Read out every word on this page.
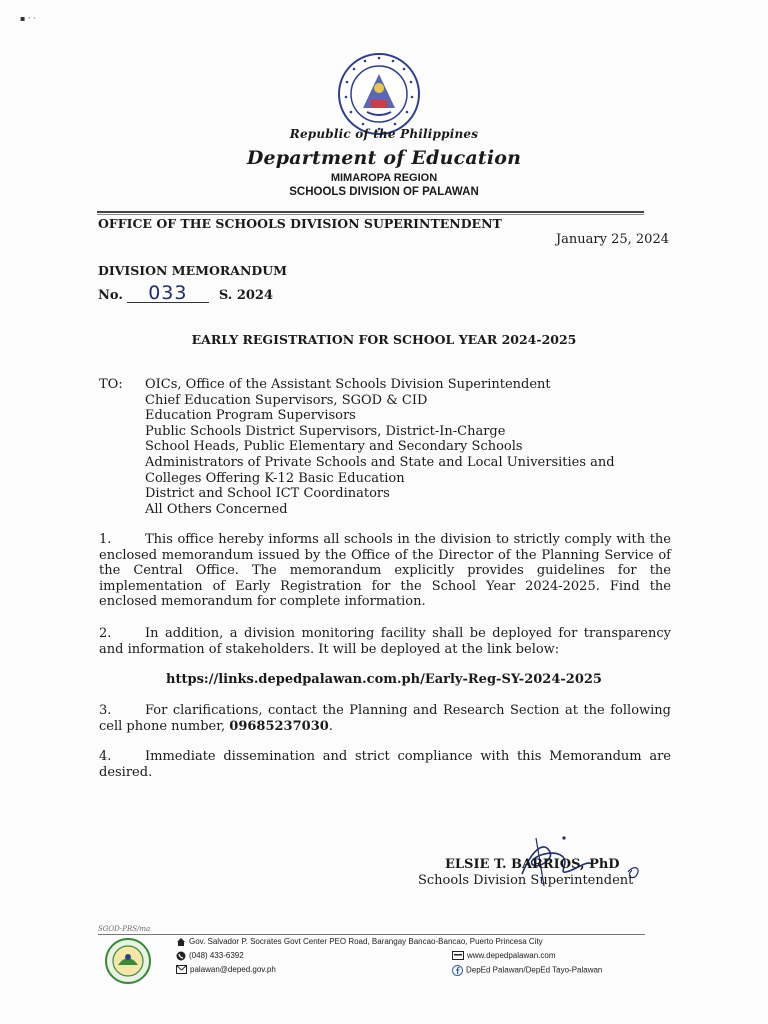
▪ · ·
Republic of the Philippines
Department of Education
MIMAROPA REGION
SCHOOLS DIVISION OF PALAWAN
OFFICE OF THE SCHOOLS DIVISION SUPERINTENDENT
January 25, 2024
DIVISION MEMORANDUM
No.	033	S. 2024
EARLY REGISTRATION FOR SCHOOL YEAR 2024-2025
TO: OICs, Office of the Assistant Schools Division Superintendent
Chief Education Supervisors, SGOD & CID
Education Program Supervisors
Public Schools District Supervisors, District-In-Charge
School Heads, Public Elementary and Secondary Schools
Administrators of Private Schools and State and Local Universities and
Colleges Offering K-12 Basic Education
District and School ICT Coordinators
All Others Concerned
1.	This office hereby informs all schools in the division to strictly comply with the enclosed memorandum issued by the Office of the Director of the Planning Service of the Central Office. The memorandum explicitly provides guidelines for the implementation of Early Registration for the School Year 2024-2025. Find the enclosed memorandum for complete information.
2.	In addition, a division monitoring facility shall be deployed for transparency and information of stakeholders. It will be deployed at the link below:
https://links.depedpalawan.com.ph/Early-Reg-SY-2024-2025
3.	For clarifications, contact the Planning and Research Section at the following cell phone number, 09685237030.
4.	Immediate dissemination and strict compliance with this Memorandum are desired.
ELSIE T. BARRIOS, PhD
Schools Division Superintendent
SGOD-PRS/ma
Gov. Salvador P. Socrates Govt Center PEO Road, Barangay Bancao-Bancao, Puerto Princesa City
(048) 433-6392
palawan@deped.gov.ph
www.depedpalawan.com
DepEd Palawan/DepEd Tayo-Palawan
